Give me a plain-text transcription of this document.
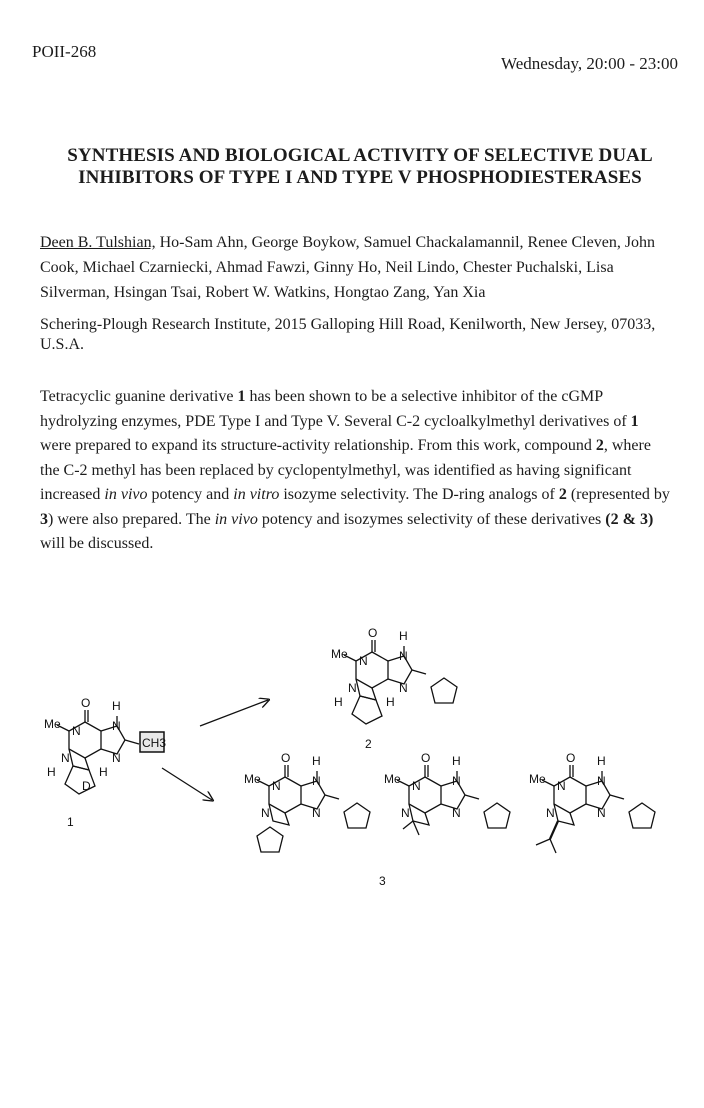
POII-268
Wednesday, 20:00 - 23:00
SYNTHESIS AND BIOLOGICAL ACTIVITY OF SELECTIVE DUAL
INHIBITORS OF TYPE I AND TYPE V PHOSPHODIESTERASES
Deen B. Tulshian, Ho-Sam Ahn, George Boykow, Samuel Chackalamannil, Renee Cleven, John Cook, Michael Czarniecki, Ahmad Fawzi, Ginny Ho, Neil Lindo, Chester Puchalski, Lisa Silverman, Hsingan Tsai, Robert W. Watkins, Hongtao Zang, Yan Xia
Schering-Plough Research Institute, 2015 Galloping Hill Road, Kenilworth, New Jersey, 07033, U.S.A.

Tetracyclic guanine derivative 1 has been shown to be a selective inhibitor of the cGMP hydrolyzing enzymes, PDE Type I and Type V. Several C-2 cycloalkylmethyl derivatives of 1 were prepared to expand its structure-activity relationship. From this work, compound 2, where the C-2 methyl has been replaced by cyclopentylmethyl, was identified as having significant increased in vivo potency and in vitro isozyme selectivity. The D-ring analogs of 2 (represented by 3) were also prepared. The in vivo potency and isozymes selectivity of these derivatives (2 & 3) will be discussed.

CH3
Me
O H
N
N
N	N
D
H	H
1
Me
O H
N
N
N	N
H	H
2
Me
O H
N
N
N	N
Me
O H
N
N
N	N
Me
O H
N
N
N	N
3
